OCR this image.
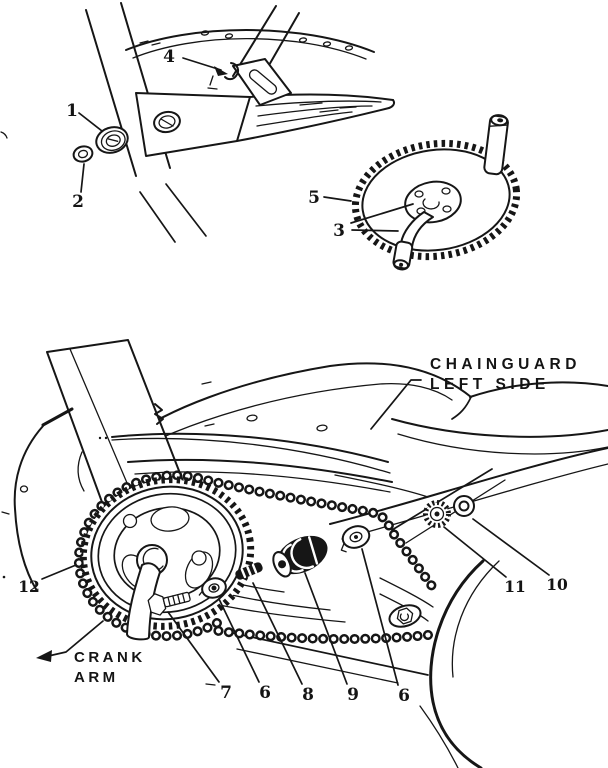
1
2
4
5
3
12
7 6 8 9 6
11 10
CHAINGUARD
LEFT SIDE
CRANK
ARM
